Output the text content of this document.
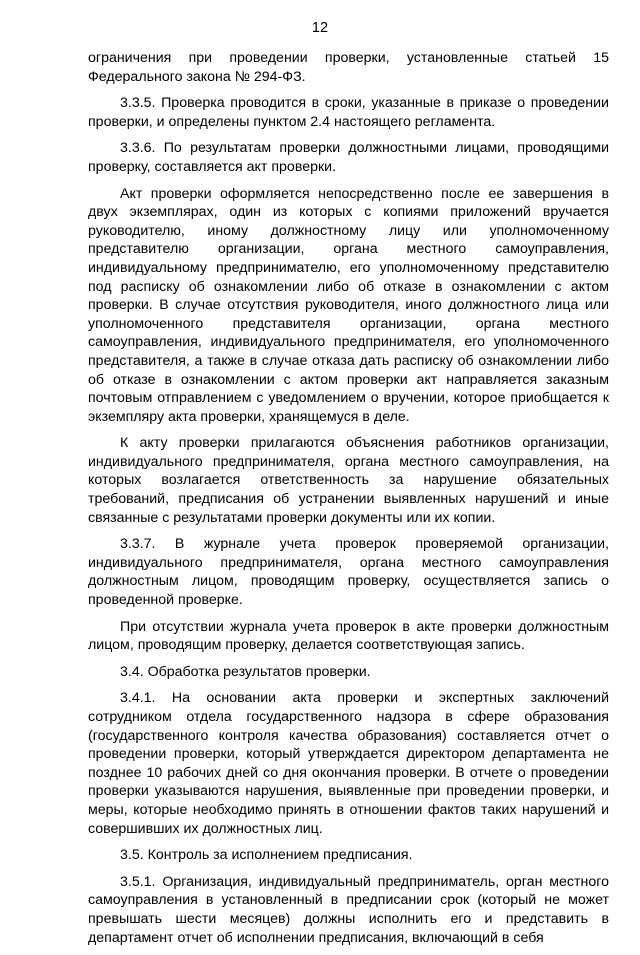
12

ограничения при проведении проверки, установленные статьей 15 Федерального закона № 294-ФЗ.

3.3.5. Проверка проводится в сроки, указанные в приказе о проведении проверки, и определены пунктом 2.4 настоящего регламента.

3.3.6. По результатам проверки должностными лицами, проводящими проверку, составляется акт проверки.

Акт проверки оформляется непосредственно после ее завершения в двух экземплярах, один из которых с копиями приложений вручается руководителю, иному должностному лицу или уполномоченному представителю организации, органа местного самоуправления, индивидуальному предпринимателю, его уполномоченному представителю под расписку об ознакомлении либо об отказе в ознакомлении с актом проверки. В случае отсутствия руководителя, иного должностного лица или уполномоченного представителя организации, органа местного самоуправления, индивидуального предпринимателя, его уполномоченного представителя, а также в случае отказа дать расписку об ознакомлении либо об отказе в ознакомлении с актом проверки акт направляется заказным почтовым отправлением с уведомлением о вручении, которое приобщается к экземпляру акта проверки, хранящемуся в деле.

К акту проверки прилагаются объяснения работников организации, индивидуального предпринимателя, органа местного самоуправления, на которых возлагается ответственность за нарушение обязательных требований, предписания об устранении выявленных нарушений и иные связанные с результатами проверки документы или их копии.

3.3.7. В журнале учета проверок проверяемой организации, индивидуального предпринимателя, органа местного самоуправления должностным лицом, проводящим проверку, осуществляется запись о проведенной проверке.

При отсутствии журнала учета проверок в акте проверки должностным лицом, проводящим проверку, делается соответствующая запись.

3.4. Обработка результатов проверки.

3.4.1. На основании акта проверки и экспертных заключений сотрудником отдела государственного надзора в сфере образования (государственного контроля качества образования) составляется отчет о проведении проверки, который утверждается директором департамента не позднее 10 рабочих дней со дня окончания проверки. В отчете о проведении проверки указываются нарушения, выявленные при проведении проверки, и меры, которые необходимо принять в отношении фактов таких нарушений и совершивших их должностных лиц.

3.5. Контроль за исполнением предписания.

3.5.1. Организация, индивидуальный предприниматель, орган местного самоуправления в установленный в предписании срок (который не может превышать шести месяцев) должны исполнить его и представить в департамент отчет об исполнении предписания, включающий в себя
